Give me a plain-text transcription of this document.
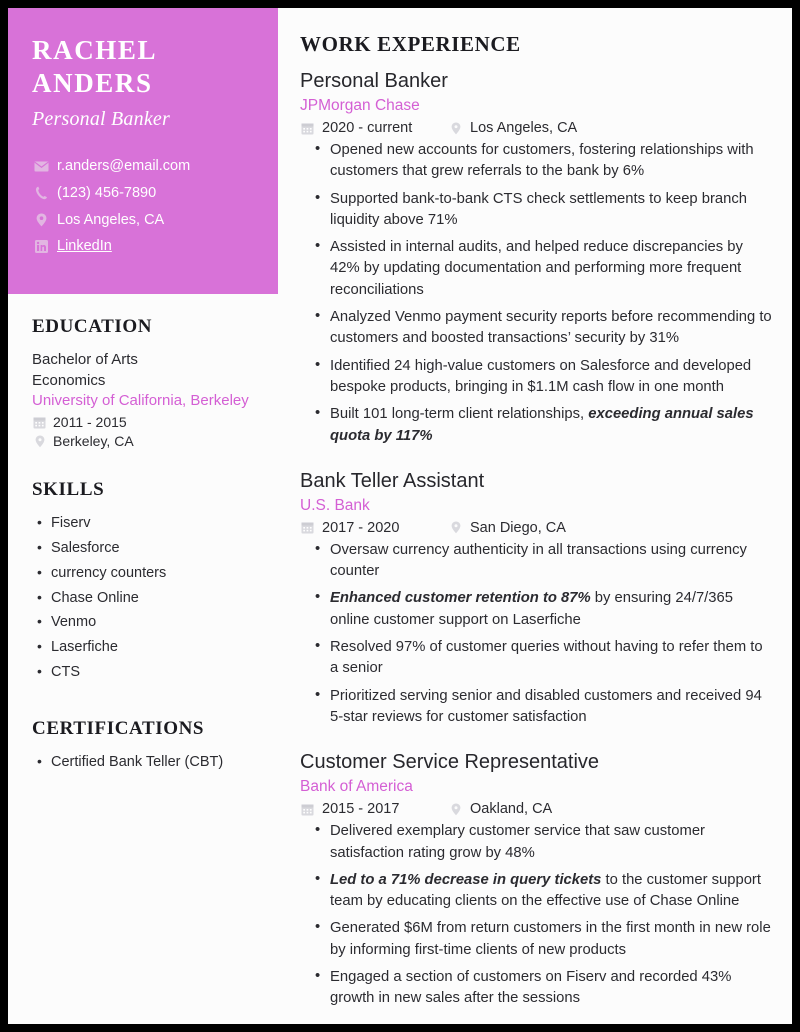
RACHEL
ANDERS
Personal Banker
r.anders@email.com
(123) 456-7890
Los Angeles, CA
LinkedIn
EDUCATION
Bachelor of Arts
Economics
University of California, Berkeley
2011 - 2015
Berkeley, CA
SKILLS
• Fiserv
• Salesforce
• currency counters
• Chase Online
• Venmo
• Laserfiche
• CTS
CERTIFICATIONS
• Certified Bank Teller (CBT)
WORK EXPERIENCE
Personal Banker
JPMorgan Chase
2020 - current	Los Angeles, CA
• Opened new accounts for customers, fostering relationships with customers that grew referrals to the bank by 6%
• Supported bank-to-bank CTS check settlements to keep branch liquidity above 71%
• Assisted in internal audits, and helped reduce discrepancies by 42% by updating documentation and performing more frequent reconciliations
• Analyzed Venmo payment security reports before recommending to customers and boosted transactions’ security by 31%
• Identified 24 high-value customers on Salesforce and developed bespoke products, bringing in $1.1M cash flow in one month
• Built 101 long-term client relationships, exceeding annual sales quota by 117%
Bank Teller Assistant
U.S. Bank
2017 - 2020	San Diego, CA
• Oversaw currency authenticity in all transactions using currency counter
• Enhanced customer retention to 87% by ensuring 24/7/365 online customer support on Laserfiche
• Resolved 97% of customer queries without having to refer them to a senior
• Prioritized serving senior and disabled customers and received 94 5-star reviews for customer satisfaction
Customer Service Representative
Bank of America
2015 - 2017	Oakland, CA
• Delivered exemplary customer service that saw customer satisfaction rating grow by 48%
• Led to a 71% decrease in query tickets to the customer support team by educating clients on the effective use of Chase Online
• Generated $6M from return customers in the first month in new role by informing first-time clients of new products
• Engaged a section of customers on Fiserv and recorded 43% growth in new sales after the sessions
